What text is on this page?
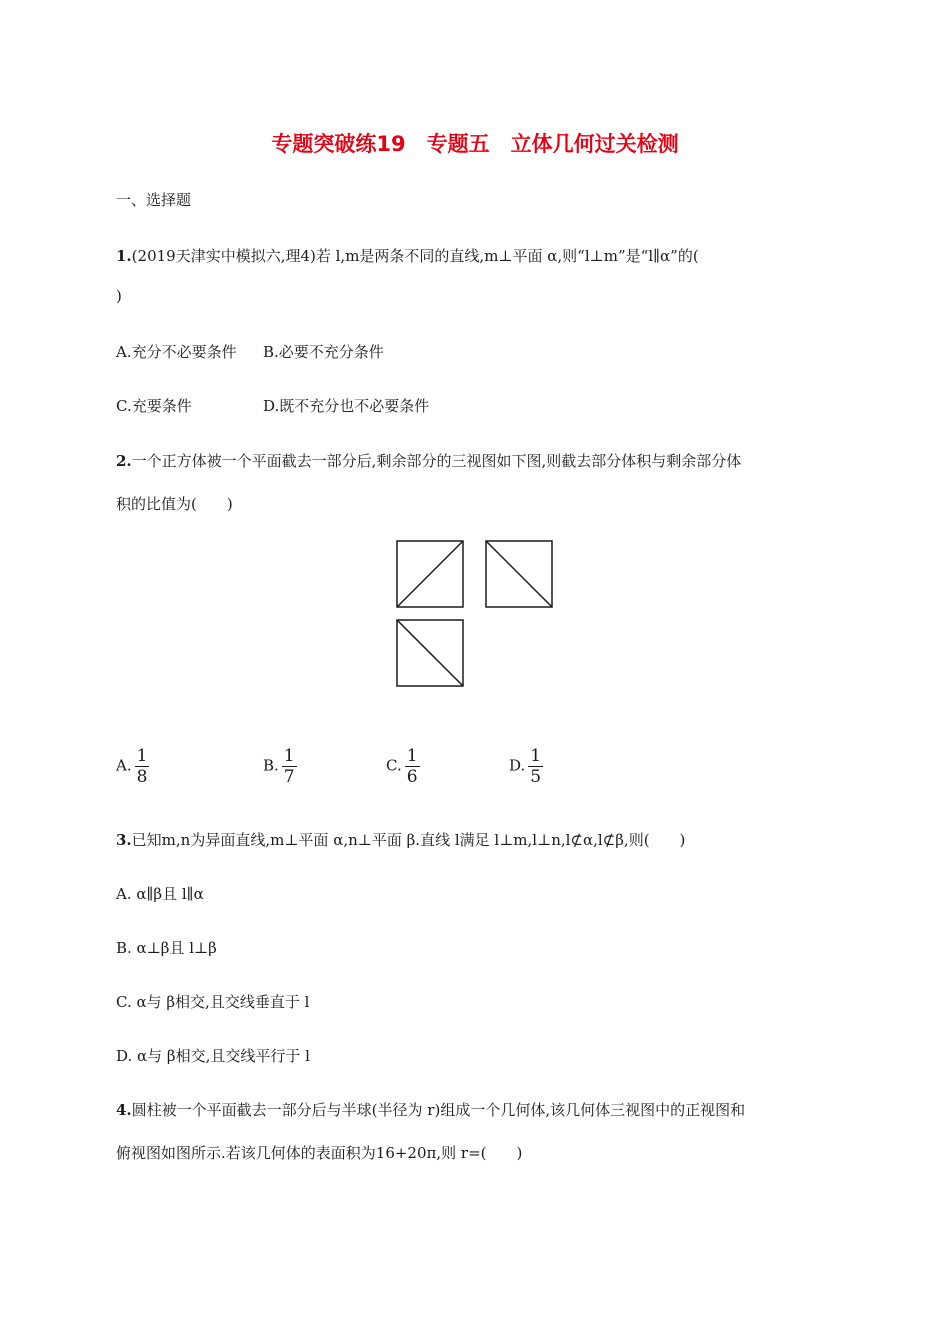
专题突破练19　专题五　立体几何过关检测
一、选择题
1.(2019天津实中模拟六,理4)若 l,m是两条不同的直线,m⊥平面 α,则“l⊥m”是“l∥α”的(
)
A.充分不必要条件 B.必要不充分条件
C.充要条件	D.既不充分也不必要条件
2.一个正方体被一个平面截去一部分后,剩余部分的三视图如下图,则截去部分体积与剩余部分体
积的比值为(　　)
A. $\frac{1}{8}$	B. $\frac{1}{7}$	C. $\frac{1}{6}$	D. $\frac{1}{5}$
3.已知m,n为异面直线,m⊥平面 α,n⊥平面 β.直线 l满足 l⊥m,l⊥n,l⊄α,l⊄β,则(　　)
A. α∥β且 l∥α
B. α⊥β且 l⊥β
C. α与 β相交,且交线垂直于 l
D. α与 β相交,且交线平行于 l
4.圆柱被一个平面截去一部分后与半球(半径为 r)组成一个几何体,该几何体三视图中的正视图和
俯视图如图所示.若该几何体的表面积为16+20π,则 r=(　　)
